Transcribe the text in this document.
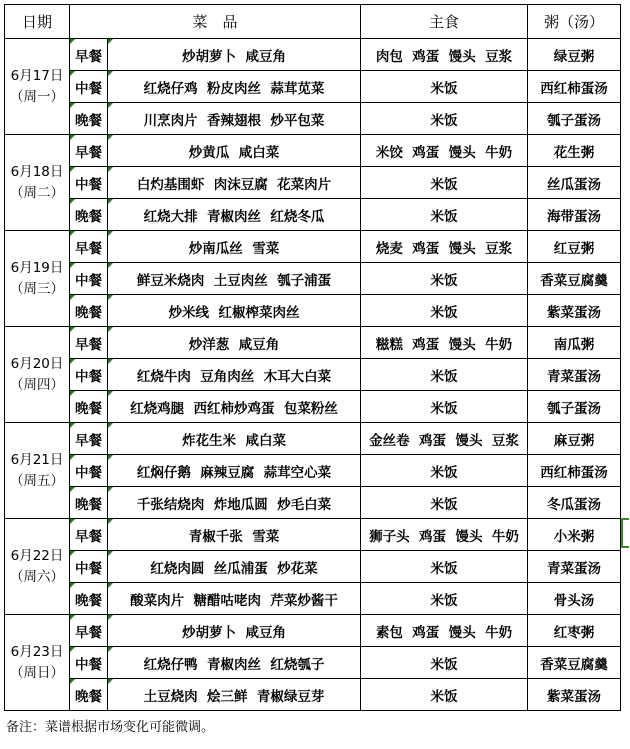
日期	菜　品		主食	粥（汤）

6月17日
（周一）	早餐	炒胡萝卜  咸豆角	肉包  鸡蛋  馒头  豆浆	绿豆粥

中餐	红烧仔鸡  粉皮肉丝  蒜茸苋菜	米饭	西红柿蛋汤

晚餐	川烹肉片  香辣翅根  炒平包菜	米饭	瓠子蛋汤

6月18日
（周二）	早餐	炒黄瓜  咸白菜	米饺  鸡蛋  馒头  牛奶	花生粥

中餐	白灼基围虾  肉沫豆腐  花菜肉片	米饭	丝瓜蛋汤

晚餐	红烧大排  青椒肉丝  红烧冬瓜	米饭	海带蛋汤

6月19日
（周三）	早餐	炒南瓜丝  雪菜	烧麦  鸡蛋  馒头  豆浆	红豆粥

中餐	鲜豆米烧肉  土豆肉丝  瓠子浦蛋	米饭	香菜豆腐羹

晚餐	炒米线  红椒榨菜肉丝	米饭	紫菜蛋汤

6月20日
（周四）	早餐	炒洋葱  咸豆角	糍糕  鸡蛋  馒头  牛奶	南瓜粥

中餐	红烧牛肉  豆角肉丝  木耳大白菜	米饭	青菜蛋汤

晚餐	红烧鸡腿  西红柿炒鸡蛋  包菜粉丝	米饭	瓠子蛋汤

6月21日
（周五）	早餐	炸花生米  咸白菜	金丝卷  鸡蛋  馒头  豆浆	麻豆粥

中餐	红焖仔鹅  麻辣豆腐  蒜茸空心菜	米饭	西红柿蛋汤

晚餐	千张结烧肉  炸地瓜圆  炒毛白菜	米饭	冬瓜蛋汤

6月22日
（周六）	早餐	青椒千张  雪菜	狮子头  鸡蛋  馒头  牛奶	小米粥

中餐	红烧肉圆  丝瓜浦蛋  炒花菜	米饭	青菜蛋汤

晚餐	酸菜肉片  糖醋咕咾肉  芹菜炒酱干	米饭	骨头汤

6月23日
（周日）	早餐	炒胡萝卜  咸豆角	素包  鸡蛋  馒头  牛奶	红枣粥

中餐	红烧仔鸭  青椒肉丝  红烧瓠子	米饭	香菜豆腐羹

晚餐	土豆烧肉  烩三鲜  青椒绿豆芽	米饭	紫菜蛋汤
备注：菜谱根据市场变化可能微调。
